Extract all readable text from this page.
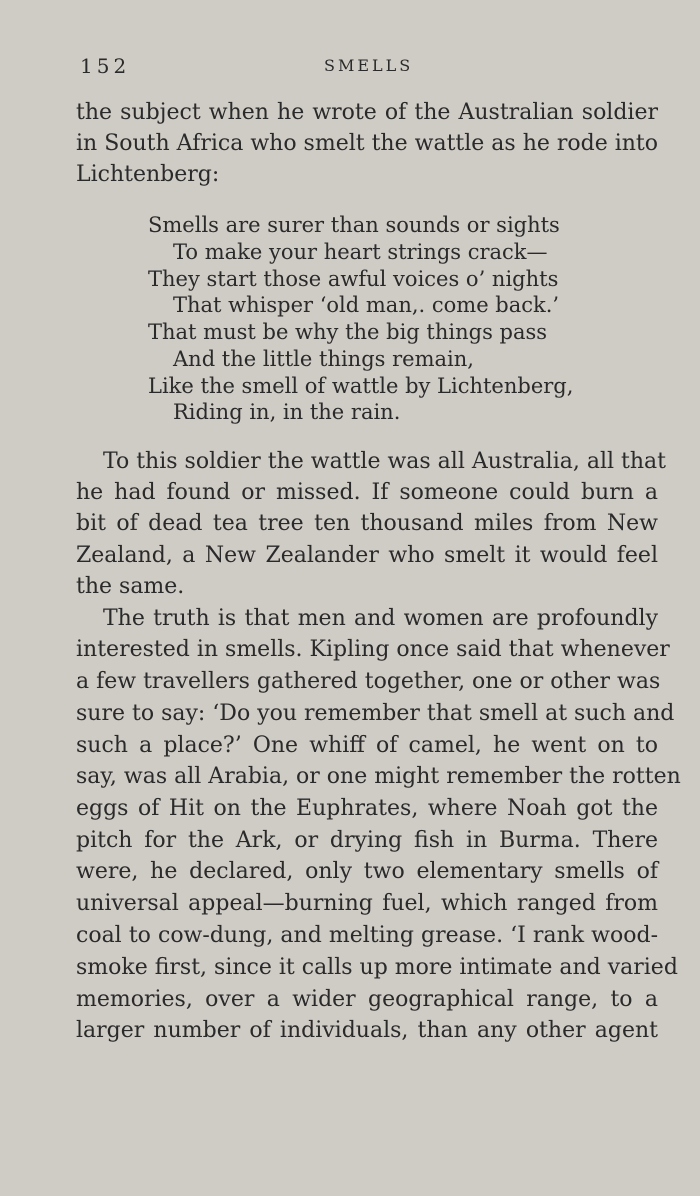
152	SMELLS
the subject when he wrote of the Australian soldier
in South Africa who smelt the wattle as he rode into
Lichtenberg:
Smells are surer than sounds or sights
To make your heart strings crack—
They start those awful voices o’ nights
That whisper ‘old man,. come back.’
That must be why the big things pass
And the little things remain,
Like the smell of wattle by Lichtenberg,
Riding in, in the rain.
To this soldier the wattle was all Australia, all that
he had found or missed. If someone could burn a
bit of dead tea tree ten thousand miles from New
Zealand, a New Zealander who smelt it would feel
the same.
The truth is that men and women are profoundly
interested in smells. Kipling once said that whenever
a few travellers gathered together, one or other was
sure to say: ‘Do you remember that smell at such and
such a place?’ One whiff of camel, he went on to
say, was all Arabia, or one might remember the rotten
eggs of Hit on the Euphrates, where Noah got the
pitch for the Ark, or drying fish in Burma. There
were, he declared, only two elementary smells of
universal appeal—burning fuel, which ranged from
coal to cow-dung, and melting grease. ‘I rank wood-
smoke first, since it calls up more intimate and varied
memories, over a wider geographical range, to a
larger number of individuals, than any other agent
